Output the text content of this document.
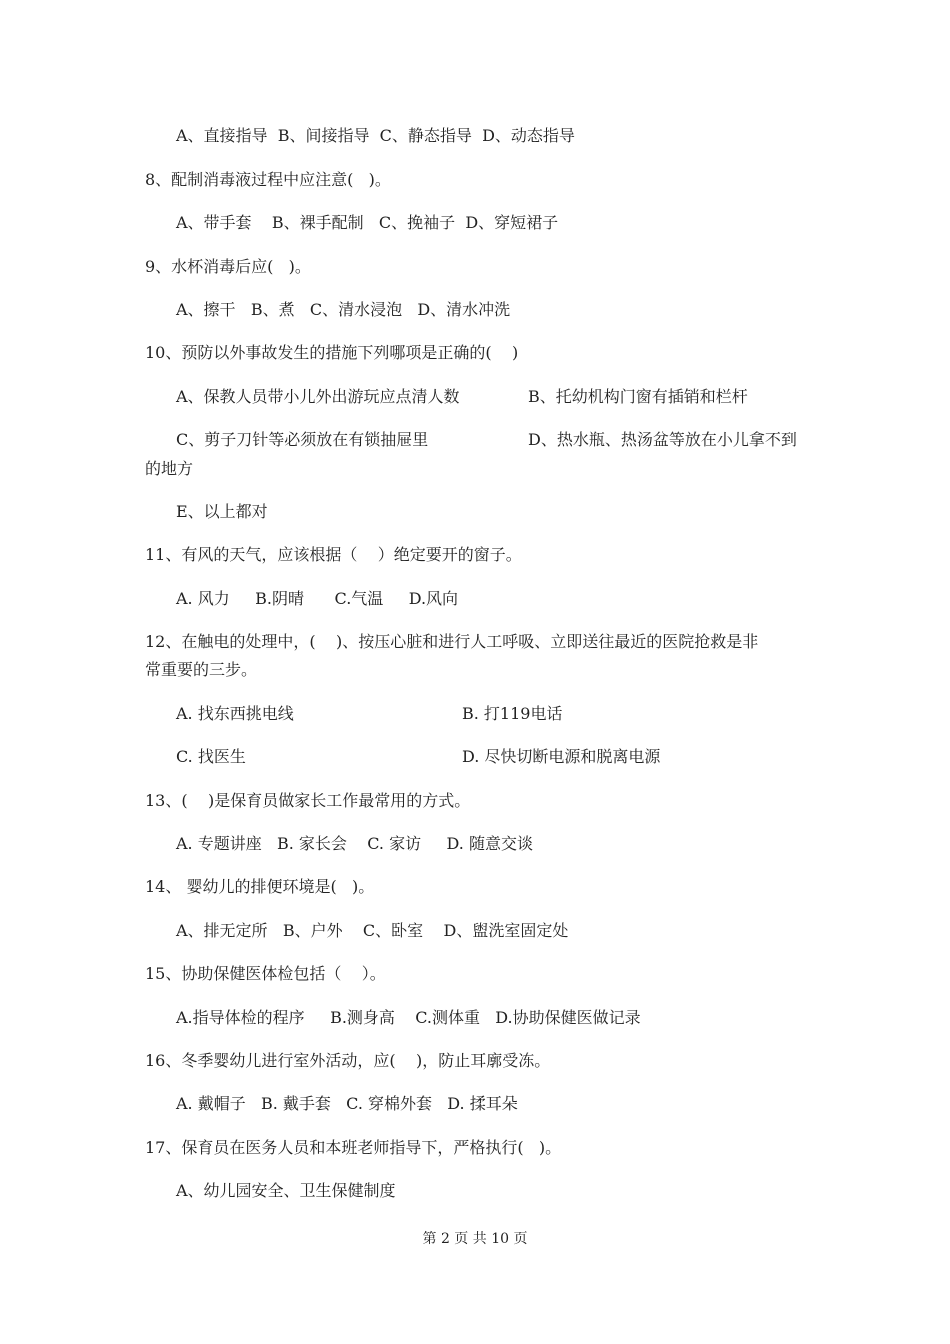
A、直接指导  B、间接指导  C、静态指导  D、动态指导
8、配制消毒液过程中应注意(   )。
A、带手套    B、裸手配制   C、挽袖子  D、穿短裙子
9、水杯消毒后应(   )。
A、擦干   B、煮   C、清水浸泡   D、清水冲洗
10、预防以外事故发生的措施下列哪项是正确的(    )
A、保教人员带小儿外出游玩应点清人数	B、托幼机构门窗有插销和栏杆
C、剪子刀针等必须放在有锁抽屉里	D、热水瓶、热汤盆等放在小儿拿不到
的地方
E、以上都对
11、有风的天气，应该根据（    ）绝定要开的窗子。
A. 风力     B.阴晴      C.气温     D.风向
12、在触电的处理中，(    )、按压心脏和进行人工呼吸、立即送往最近的医院抢救是非
常重要的三步。
A. 找东西挑电线	B. 打119电话
C. 找医生	D. 尽快切断电源和脱离电源
13、(    )是保育员做家长工作最常用的方式。
A. 专题讲座   B. 家长会    C. 家访     D. 随意交谈
14、 婴幼儿的排便环境是(   )。
A、排无定所   B、户外    C、卧室    D、盥洗室固定处
15、协助保健医体检包括（    ）。
A.指导体检的程序     B.测身高    C.测体重   D.协助保健医做记录
16、冬季婴幼儿进行室外活动，应(    )，防止耳廓受冻。
A. 戴帽子   B. 戴手套   C. 穿棉外套   D. 揉耳朵
17、保育员在医务人员和本班老师指导下，严格执行(   )。
A、幼儿园安全、卫生保健制度
第 2 页 共 10 页
